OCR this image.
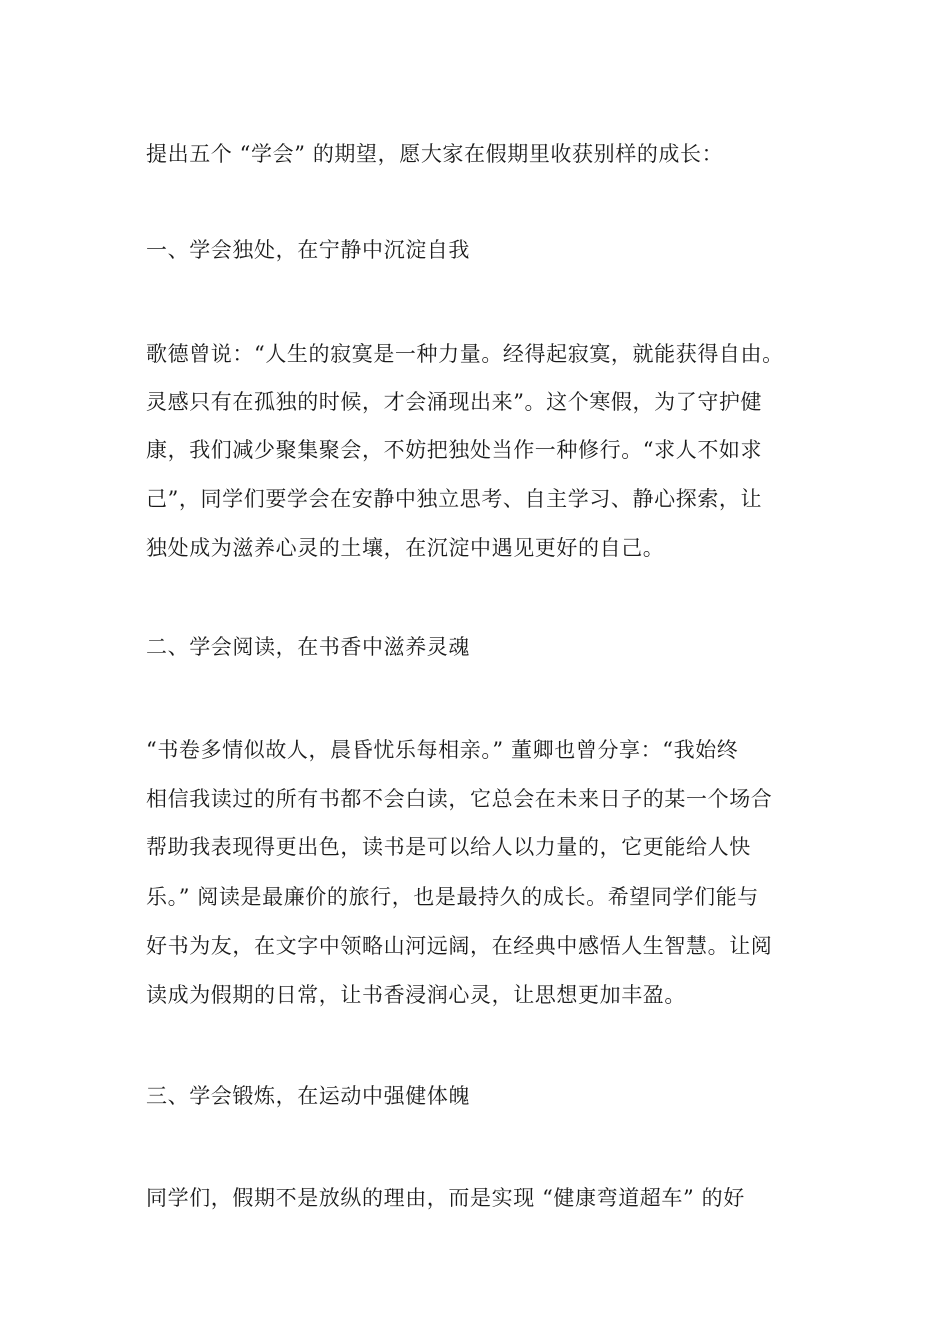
提出五个 “学会” 的期望，愿大家在假期里收获别样的成长：
一、学会独处，在宁静中沉淀自我
歌德曾说：“人生的寂寞是一种力量。经得起寂寞，就能获得自由。
灵感只有在孤独的时候，才会涌现出来”。这个寒假，为了守护健
康，我们减少聚集聚会，不妨把独处当作一种修行。“求人不如求
己”，同学们要学会在安静中独立思考、自主学习、静心探索，让
独处成为滋养心灵的土壤，在沉淀中遇见更好的自己。
二、学会阅读，在书香中滋养灵魂
“书卷多情似故人，晨昏忧乐每相亲。” 董卿也曾分享：“我始终
相信我读过的所有书都不会白读，它总会在未来日子的某一个场合
帮助我表现得更出色，读书是可以给人以力量的，它更能给人快
乐。” 阅读是最廉价的旅行，也是最持久的成长。希望同学们能与
好书为友，在文字中领略山河远阔，在经典中感悟人生智慧。让阅
读成为假期的日常，让书香浸润心灵，让思想更加丰盈。
三、学会锻炼，在运动中强健体魄
同学们，假期不是放纵的理由，而是实现 “健康弯道超车” 的好
